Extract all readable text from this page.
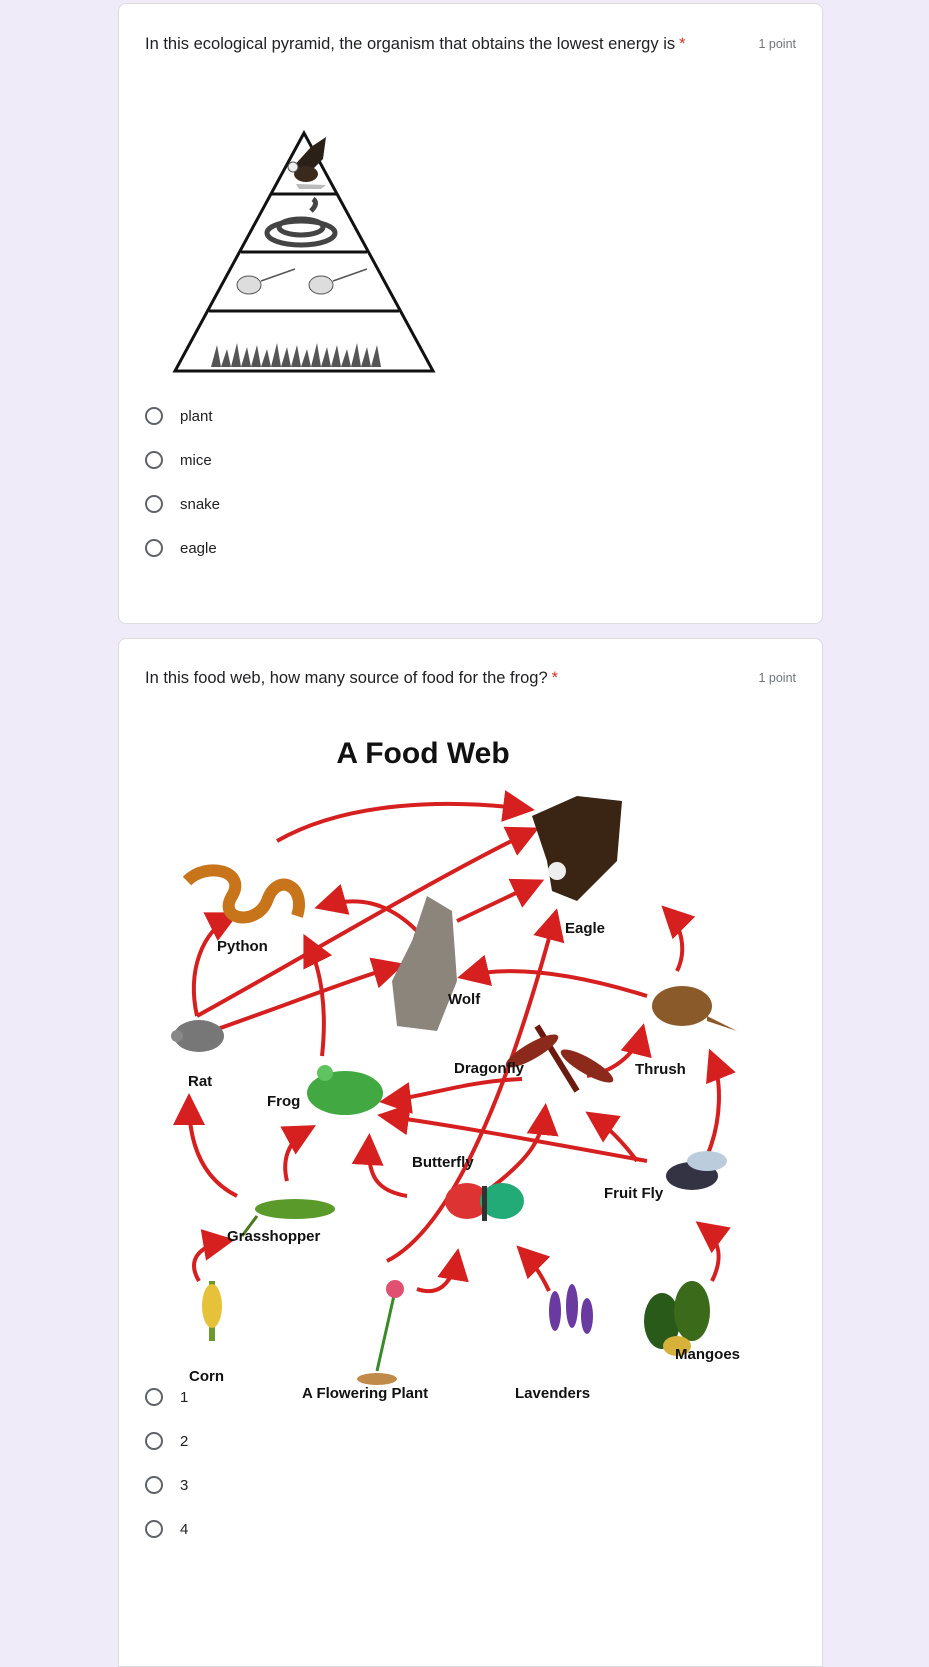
In this ecological pyramid, the organism that obtains the lowest energy is *	1 point
plant
mice
snake
eagle
In this food web, how many source of food for the frog? *	1 point
A Food Web
Python
Eagle
Wolf
Rat
Frog
Dragonfly	Thrush
Butterfly
Fruit Fly
Grasshopper
Corn
A Flowering Plant	Lavenders
Mangoes
1
2
3
4
